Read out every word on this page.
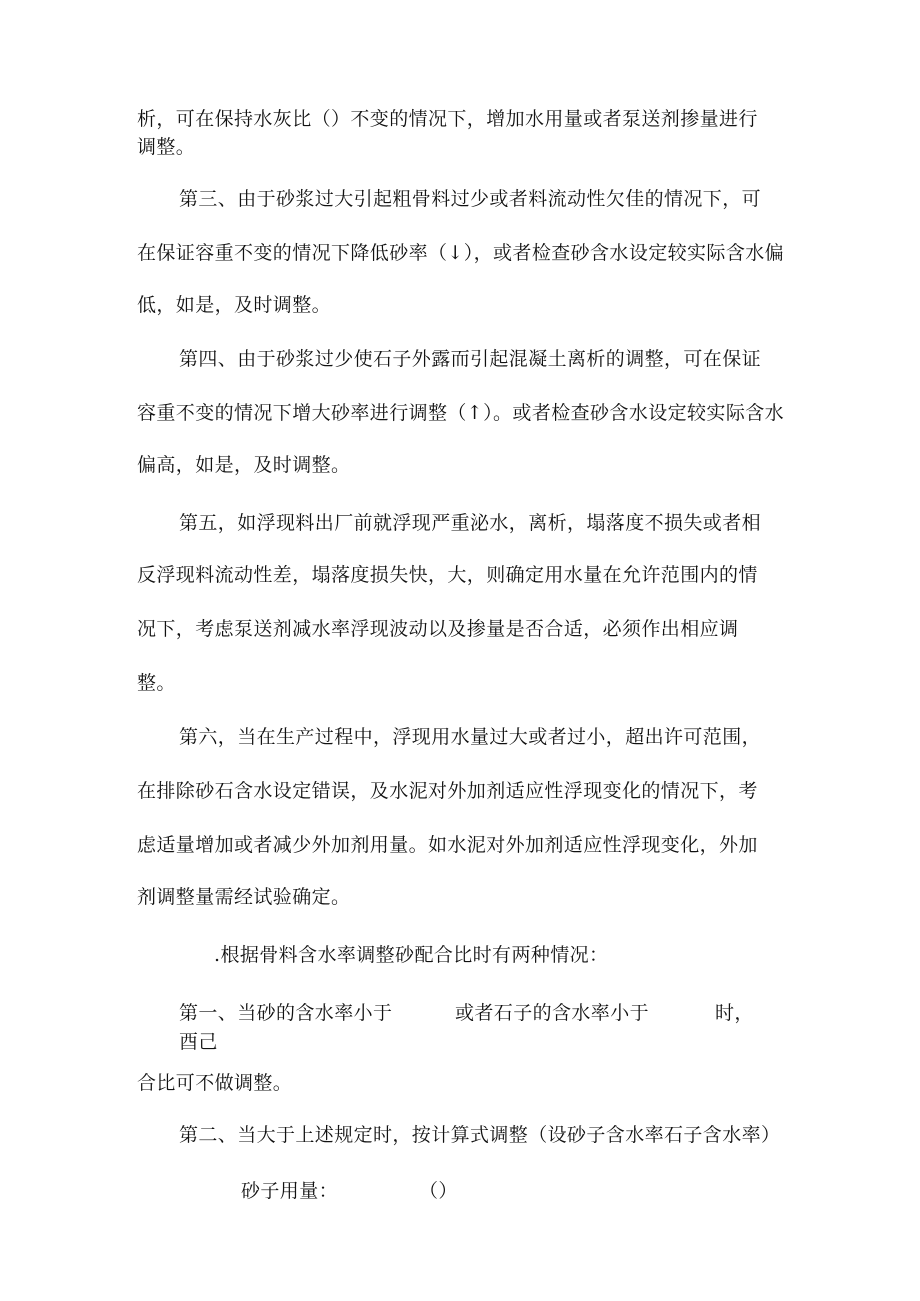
析，可在保持水灰比（）不变的情况下，增加水用量或者泵送剂掺量进行
调整。
第三、由于砂浆过大引起粗骨料过少或者料流动性欠佳的情况下，可
在保证容重不变的情况下降低砂率（↓），或者检查砂含水设定较实际含水偏
低，如是，及时调整。
第四、由于砂浆过少使石子外露而引起混凝土离析的调整，可在保证
容重不变的情况下增大砂率进行调整（↑）。或者检查砂含水设定较实际含水
偏高，如是，及时调整。
第五，如浮现料出厂前就浮现严重泌水，离析，塌落度不损失或者相
反浮现料流动性差，塌落度损失快，大，则确定用水量在允许范围内的情
况下，考虑泵送剂减水率浮现波动以及掺量是否合适，必须作出相应调
整。
第六，当在生产过程中，浮现用水量过大或者过小，超出许可范围，
在排除砂石含水设定错误，及水泥对外加剂适应性浮现变化的情况下，考
虑适量增加或者减少外加剂用量。如水泥对外加剂适应性浮现变化，外加
剂调整量需经试验确定。
.根据骨料含水率调整砂配合比时有两种情况：
第一、当砂的含水率小于	或者石子的含水率小于	时，
酉己
合比可不做调整。
第二、当大于上述规定时，按计算式调整（设砂子含水率石子含水率）
砂子用量：	（）
